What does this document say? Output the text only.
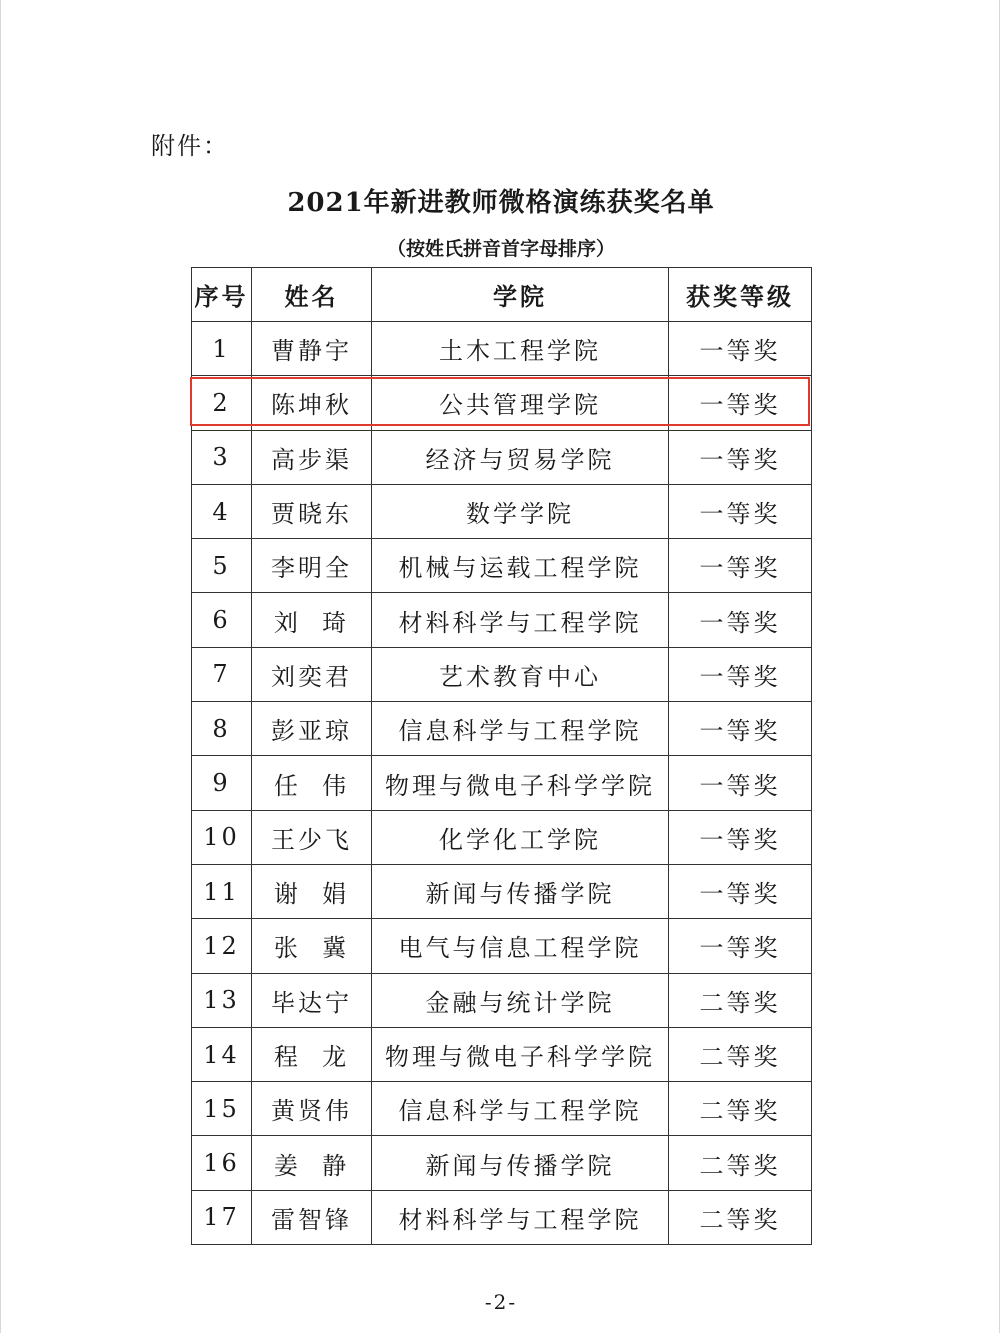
附件：
2021年新进教师微格演练获奖名单
（按姓氏拼音首字母排序）
序号	姓名	学院	获奖等级
1	曹静宇	土木工程学院	一等奖
2	陈坤秋	公共管理学院	一等奖
3	高步渠	经济与贸易学院	一等奖
4	贾晓东	数学学院	一等奖
5	李明全	机械与运载工程学院	一等奖
6	刘  琦	材料科学与工程学院	一等奖
7	刘奕君	艺术教育中心	一等奖
8	彭亚琼	信息科学与工程学院	一等奖
9	任  伟	物理与微电子科学学院	一等奖
10	王少飞	化学化工学院	一等奖
11	谢  娟	新闻与传播学院	一等奖
12	张  冀	电气与信息工程学院	一等奖
13	毕达宁	金融与统计学院	二等奖
14	程  龙	物理与微电子科学学院	二等奖
15	黄贤伟	信息科学与工程学院	二等奖
16	姜  静	新闻与传播学院	二等奖
17	雷智锋	材料科学与工程学院	二等奖
-2-
